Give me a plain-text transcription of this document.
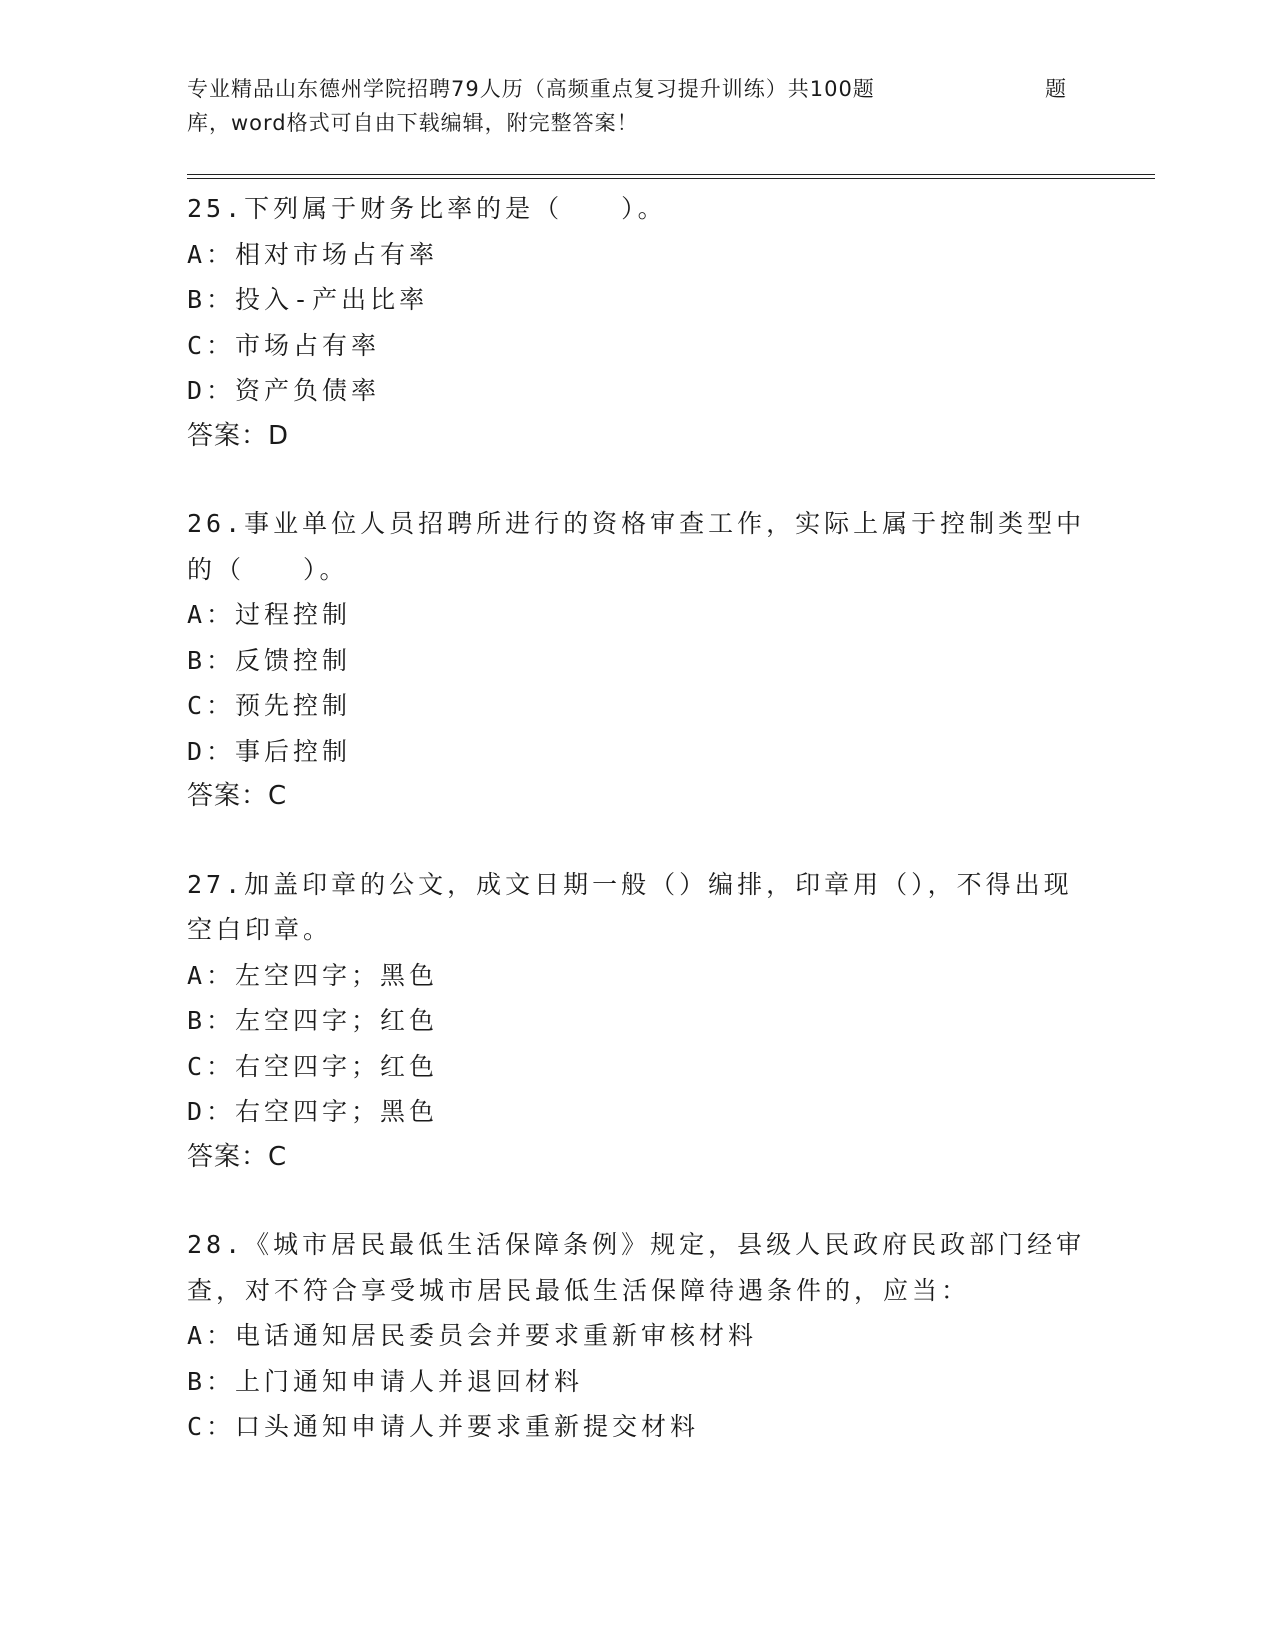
专业精品山东德州学院招聘79人历（高频重点复习提升训练）共100题	题
库，word格式可自由下载编辑，附完整答案！
25.下列属于财务比率的是（　　）。
A：相对市场占有率
B：投入-产出比率
C：市场占有率
D：资产负债率
答案：D
26.事业单位人员招聘所进行的资格审查工作，实际上属于控制类型中
的（　　）。
A：过程控制
B：反馈控制
C：预先控制
D：事后控制
答案：C
27.加盖印章的公文，成文日期一般（）编排，印章用（），不得出现
空白印章。
A：左空四字；黑色
B：左空四字；红色
C：右空四字；红色
D：右空四字；黑色
答案：C
28.《城市居民最低生活保障条例》规定，县级人民政府民政部门经审
查，对不符合享受城市居民最低生活保障待遇条件的，应当：
A：电话通知居民委员会并要求重新审核材料
B：上门通知申请人并退回材料
C：口头通知申请人并要求重新提交材料
